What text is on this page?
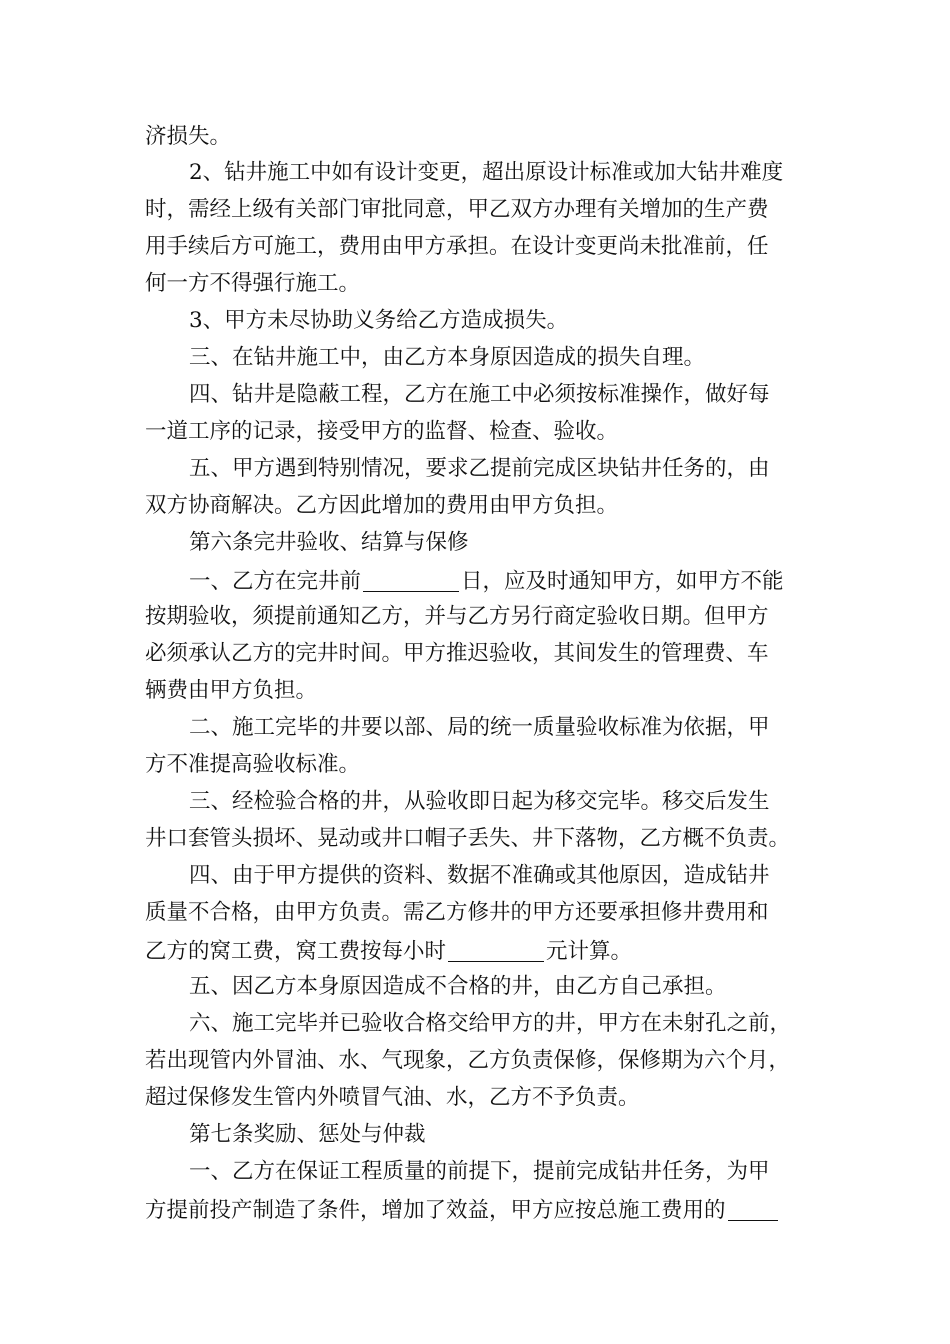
济损失。
2、钻井施工中如有设计变更，超出原设计标准或加大钻井难度
时，需经上级有关部门审批同意，甲乙双方办理有关增加的生产费
用手续后方可施工，费用由甲方承担。在设计变更尚未批准前，任
何一方不得强行施工。
3、甲方未尽协助义务给乙方造成损失。
三、在钻井施工中，由乙方本身原因造成的损失自理。
四、钻井是隐蔽工程，乙方在施工中必须按标准操作，做好每
一道工序的记录，接受甲方的监督、检查、验收。
五、甲方遇到特别情况，要求乙提前完成区块钻井任务的，由
双方协商解决。乙方因此增加的费用由甲方负担。
第六条完井验收、结算与保修
一、乙方在完井前	日，应及时通知甲方，如甲方不能
按期验收，须提前通知乙方，并与乙方另行商定验收日期。但甲方
必须承认乙方的完井时间。甲方推迟验收，其间发生的管理费、车
辆费由甲方负担。
二、施工完毕的井要以部、局的统一质量验收标准为依据，甲
方不准提高验收标准。
三、经检验合格的井，从验收即日起为移交完毕。移交后发生
井口套管头损坏、晃动或井口帽子丢失、井下落物，乙方概不负责。
四、由于甲方提供的资料、数据不准确或其他原因，造成钻井
质量不合格，由甲方负责。需乙方修井的甲方还要承担修井费用和
乙方的窝工费，窝工费按每小时	元计算。
五、因乙方本身原因造成不合格的井，由乙方自己承担。
六、施工完毕并已验收合格交给甲方的井，甲方在未射孔之前，
若出现管内外冒油、水、气现象，乙方负责保修，保修期为六个月，
超过保修发生管内外喷冒气油、水，乙方不予负责。
第七条奖励、惩处与仲裁
一、乙方在保证工程质量的前提下，提前完成钻井任务，为甲
方提前投产制造了条件，增加了效益，甲方应按总施工费用的
